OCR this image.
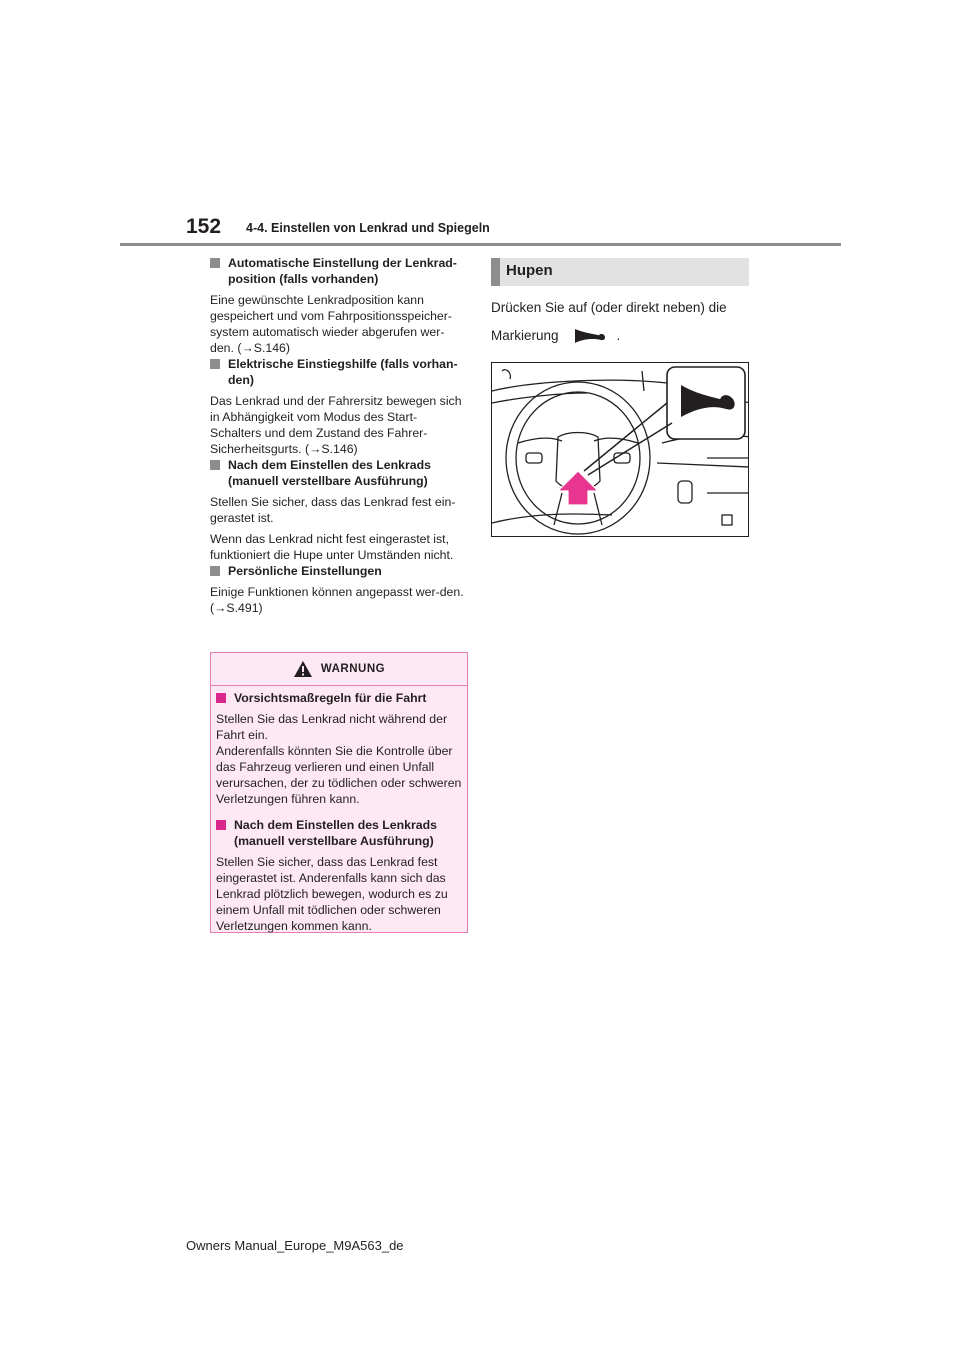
152 4-4. Einstellen von Lenkrad und Spiegeln
Automatische Einstellung der Lenkrad-position (falls vorhanden)
Eine gewünschte Lenkradposition kann gespeichert und vom Fahrpositionsspeicher-system automatisch wieder abgerufen wer-den. (→S.146)
Elektrische Einstiegshilfe (falls vorhan-den)
Das Lenkrad und der Fahrersitz bewegen sich in Abhängigkeit vom Modus des Start-Schalters und dem Zustand des Fahrer-Sicherheitsgurts. (→S.146)
Nach dem Einstellen des Lenkrads (manuell verstellbare Ausführung)
Stellen Sie sicher, dass das Lenkrad fest ein-gerastet ist.
Wenn das Lenkrad nicht fest eingerastet ist, funktioniert die Hupe unter Umständen nicht.
Persönliche Einstellungen
Einige Funktionen können angepasst wer-den. (→S.491)
WARNUNG
Vorsichtsmaßregeln für die Fahrt
Stellen Sie das Lenkrad nicht während der Fahrt ein.
Anderenfalls könnten Sie die Kontrolle über das Fahrzeug verlieren und einen Unfall verursachen, der zu tödlichen oder schweren Verletzungen führen kann.
Nach dem Einstellen des Lenkrads (manuell verstellbare Ausführung)
Stellen Sie sicher, dass das Lenkrad fest eingerastet ist. Anderenfalls kann sich das Lenkrad plötzlich bewegen, wodurch es zu einem Unfall mit tödlichen oder schweren Verletzungen kommen kann.
Hupen
Drücken Sie auf (oder direkt neben) die
Markierung	.
Owners Manual_Europe_M9A563_de
